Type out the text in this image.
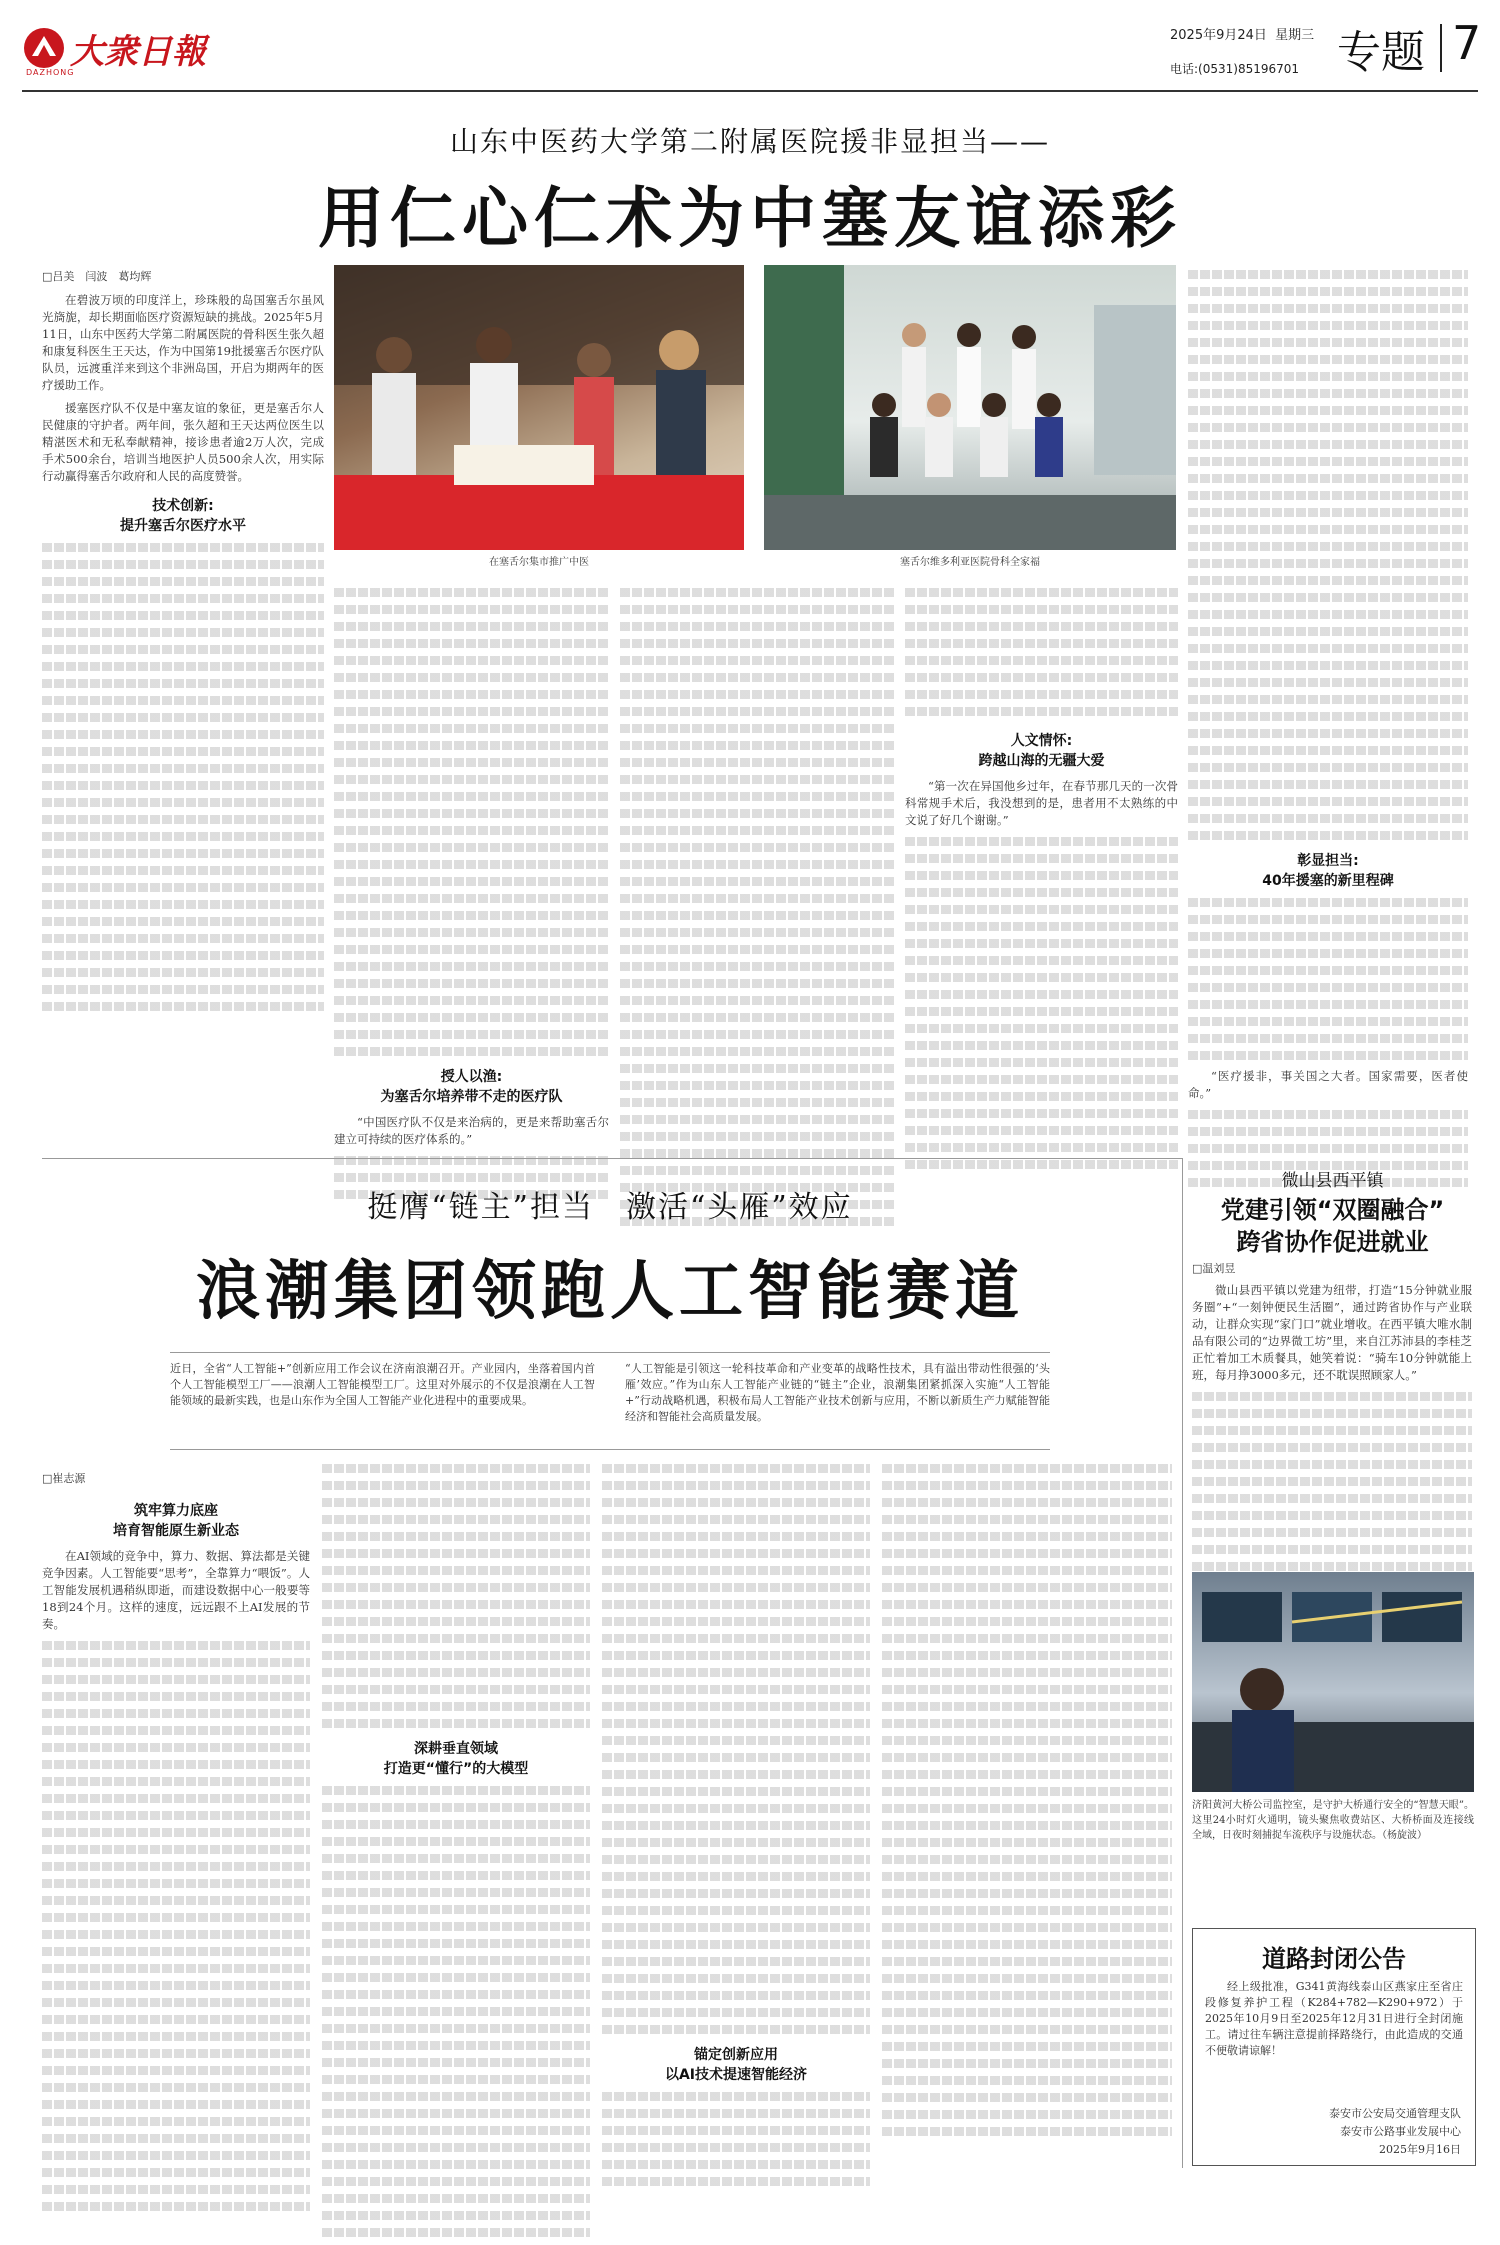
大衆日報
DAZHONG
2025年9月24日 星期三
电话:(0531)85196701 专题 7
山东中医药大学第二附属医院援非显担当——
用仁心仁术为中塞友谊添彩
□吕美　闫波　葛均辉

在碧波万顷的印度洋上，珍珠般的岛国塞舌尔虽风光旖旎，却长期面临医疗资源短缺的挑战。2025年5月11日，山东中医药大学第二附属医院的骨科医生张久超和康复科医生王天达，作为中国第19批援塞舌尔医疗队队员，远渡重洋来到这个非洲岛国，开启为期两年的医疗援助工作。

援塞医疗队不仅是中塞友谊的象征，更是塞舌尔人民健康的守护者。两年间，张久超和王天达两位医生以精湛医术和无私奉献精神，接诊患者逾2万人次，完成手术500余台，培训当地医护人员500余人次，用实际行动赢得塞舌尔政府和人民的高度赞誉。

技术创新:
提升塞舌尔医疗水平
在塞舌尔集市推广中医	塞舌尔维多利亚医院骨科全家福
彰显担当:
40年援塞的新里程碑

“医疗援非，事关国之大者。国家需要，医者使命。”

授人以渔:
为塞舌尔培养带不走的医疗队

“中国医疗队不仅是来治病的，更是来帮助塞舌尔建立可持续的医疗体系的。”

人文情怀:
跨越山海的无疆大爱

“第一次在异国他乡过年，在春节那几天的一次骨科常规手术后，我没想到的是，患者用不太熟练的中文说了好几个谢谢。”

挺膺“链主”担当　激活“头雁”效应
浪潮集团领跑人工智能赛道

近日，全省“人工智能+”创新应用工作会议在济南浪潮召开。产业园内，坐落着国内首个人工智能模型工厂——浪潮人工智能模型工厂。这里对外展示的不仅是浪潮在人工智能领域的最新实践，也是山东作为全国人工智能产业化进程中的重要成果。

“人工智能是引领这一轮科技革命和产业变革的战略性技术，具有溢出带动性很强的‘头雁’效应。”作为山东人工智能产业链的“链主”企业，浪潮集团紧抓深入实施“人工智能+”行动战略机遇，积极布局人工智能产业技术创新与应用，不断以新质生产力赋能智能经济和智能社会高质量发展。

□崔志源
筑牢算力底座
培育智能原生新业态

在AI领域的竞争中，算力、数据、算法都是关键竞争因素。人工智能要“思考”，全靠算力“喂饭”。人工智能发展机遇稍纵即逝，而建设数据中心一般要等18到24个月。这样的速度，远远跟不上AI发展的节奏。

深耕垂直领域
打造更“懂行”的大模型
锚定创新应用
以AI技术提速智能经济
微山县西平镇
党建引领“双圈融合”
跨省协作促进就业
□温刘昱

微山县西平镇以党建为纽带，打造“15分钟就业服务圈”+“一刻钟便民生活圈”，通过跨省协作与产业联动，让群众实现“家门口”就业增收。在西平镇大唯水制品有限公司的“边界微工坊”里，来自江苏沛县的李桂芝正忙着加工木质餐具，她笑着说：“骑车10分钟就能上班，每月挣3000多元，还不耽误照顾家人。”

济阳黄河大桥公司监控室，是守护大桥通行安全的“智慧天眼”。这里24小时灯火通明，镜头聚焦收费站区、大桥桥面及连接线全域，日夜时刻捕捉车流秩序与设施状态。（杨旋波）
道路封闭公告

经上级批准，G341黄海线泰山区燕家庄至省庄段修复养护工程（K284+782—K290+972）于2025年10月9日至2025年12月31日进行全封闭施工。请过往车辆注意提前择路绕行，由此造成的交通不便敬请谅解！

泰安市公安局交通管理支队
泰安市公路事业发展中心
2025年9月16日
